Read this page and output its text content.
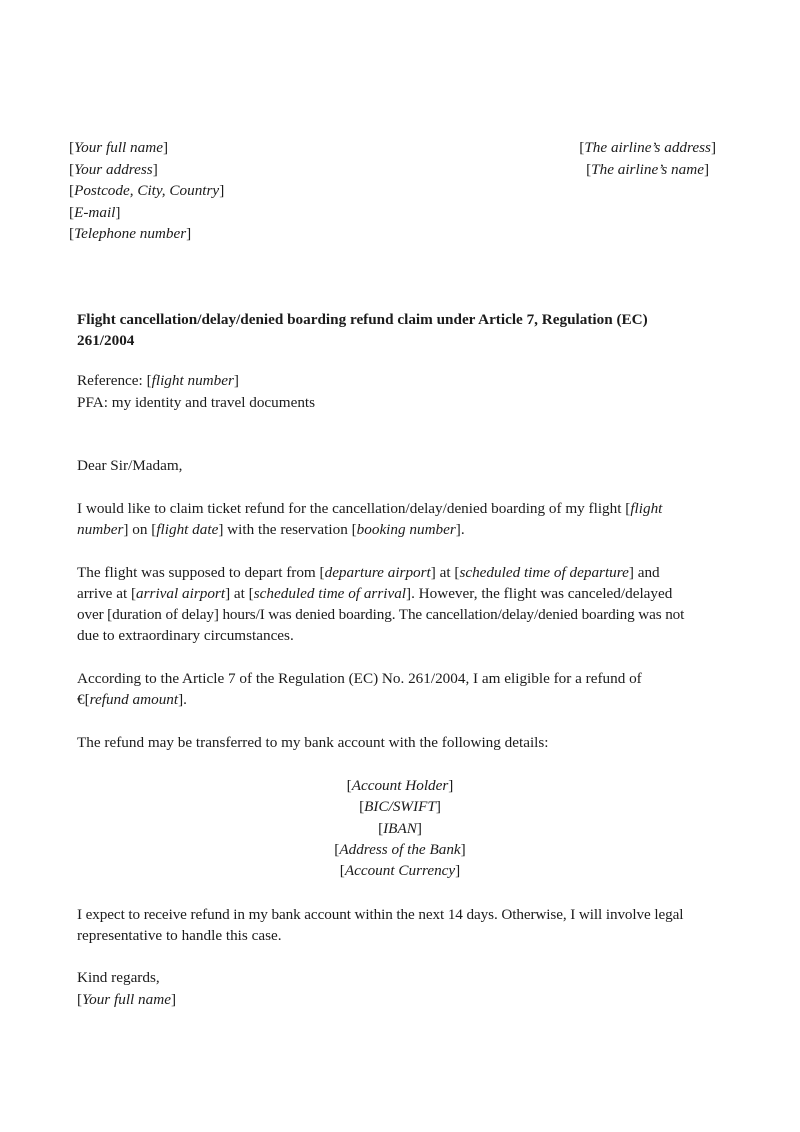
[Your full name]
[Your address]
[Postcode, City, Country]
[E-mail]
[Telephone number]
[The airline’s address]
[The airline’s name]
Flight cancellation/delay/denied boarding refund claim under Article 7, Regulation (EC)
261/2004
Reference: [flight number]
PFA: my identity and travel documents
Dear Sir/Madam,
I would like to claim ticket refund for the cancellation/delay/denied boarding of my flight [flight
number] on [flight date] with the reservation [booking number].
The flight was supposed to depart from [departure airport] at [scheduled time of departure] and
arrive at [arrival airport] at [scheduled time of arrival]. However, the flight was canceled/delayed
over [duration of delay] hours/I was denied boarding. The cancellation/delay/denied boarding was not
due to extraordinary circumstances.
According to the Article 7 of the Regulation (EC) No. 261/2004, I am eligible for a refund of
€[refund amount].
The refund may be transferred to my bank account with the following details:
[Account Holder]
[BIC/SWIFT]
[IBAN]
[Address of the Bank]
[Account Currency]
I expect to receive refund in my bank account within the next 14 days. Otherwise, I will involve legal
representative to handle this case.
Kind regards,
[Your full name]
